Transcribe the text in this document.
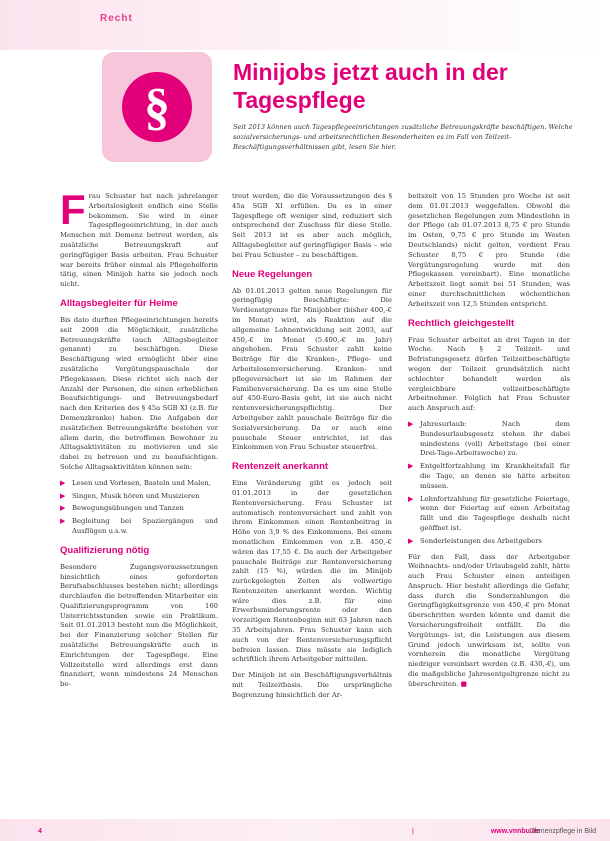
Recht
§
Minijobs jetzt auch in der Tagespflege

Seit 2013 können auch Tagespflegeeinrichtungen zusätzliche Betreuungskräfte beschäftigen. Welche sozialversicherungs- und arbeitsrechtlichen Besonderheiten es im Fall von Teilzeit-Beschäftigungsverhältnissen gibt, lesen Sie hier.

Frau Schuster hat nach jahrelanger Arbeitslosigkeit endlich eine Stelle bekommen. Sie wird in einer Tagespflegeeinrichtung, in der auch Menschen mit Demenz betreut werden, als zusätzliche Betreuungskraft auf geringfügiger Basis arbeiten. Frau Schuster war bereits früher einmal als Pflegehelferin tätig, einen Minijob hatte sie jedoch noch nicht.

Alltagsbegleiter für Heime

Bis dato durften Pflegeeinrichtungen bereits seit 2008 die Möglichkeit, zusätzliche Betreuungskräfte (auch Alltagsbegleiter genannt) zu beschäftigen. Diese Beschäftigung wird ermöglicht über eine zusätzliche Vergütungspauschale der Pflegekassen. Diese richtet sich nach der Anzahl der Personen, die einen erheblichen Beaufsichtigungs- und Betreuungsbedarf nach den Kriterien des § 45a SGB XI (z.B. für Demenzkranke) haben. Die Aufgaben der zusätzlichen Betreuungskräfte bestehen vor allem darin, die betroffenen Bewohner zu Alltagsaktivitäten zu motivieren und sie dabei zu betreuen und zu beaufsichtigen. Solche Alltagsaktivitäten können sein:

▶ Lesen und Vorlesen, Basteln und Malen,
▶ Singen, Musik hören und Musizieren
▶ Bewegungsübungen und Tanzen
▶ Begleitung bei Spaziergängen und Ausflügen u.s.w.
Qualifizierung nötig

Besondere Zugangsvoraussetzungen hinsichtlich eines geforderten Berufsabschlusses bestehen nicht; allerdings durchlaufen die betreffenden Mitarbeiter ein Qualifizierungsprogramm von 160 Unterrichtsstunden sowie ein Praktikum. Seit 01.01.2013 besteht nun die Möglichkeit, bei der Finanzierung solcher Stellen für zusätzliche Betreuungskräfte auch in Einrichtungen der Tagespflege. Eine Vollzeitstelle wird allerdings erst dann finanziert, wenn mindestens 24 Menschen be-

treut werden, die die Voraussetzungen des § 45a SGB XI erfüllen. Da es in einer Tagespflege oft weniger sind, reduziert sich entsprechend der Zuschuss für diese Stelle. Seit 2013 ist es aber auch möglich, Alltagsbegleiter auf geringfügiger Basis – wie bei Frau Schuster – zu beschäftigen.

Neue Regelungen

Ab 01.01.2013 gelten neue Regelungen für geringfügig Beschäftigte: Die Verdienstgrenze für Minijobber (bisher 400,-€ im Monat) wird, als Reaktion auf die allgemeine Lohnentwicklung seit 2003, auf 450,-€ im Monat (5.400,-€ im Jahr) angehoben. Frau Schuster zahlt keine Beiträge für die Kranken-, Pflege- und Arbeitslosenversicherung. Kranken- und pflegeversichert ist sie im Rahmen der Familienversicherung. Da es um eine Stelle auf 450-Euro-Basis geht, ist sie auch nicht rentenversicherungspflichtig. Der Arbeitgeber zahlt pauschale Beiträge für die Sozialversicherung. Da er auch eine pauschale Steuer entrichtet, ist das Einkommen von Frau Schuster steuerfrei.

Rentenzeit anerkannt

Eine Veränderung gibt es jedoch seit 01.01.2013 in der gesetzlichen Rentenversicherung. Frau Schuster ist automatisch rentenversichert und zahlt von ihrem Einkommen einen Rentenbeitrag in Höhe von 3,9 % des Einkommens. Bei einem monatlichen Einkommen von z.B. 450,-€ wären das 17,55 €. Da auch der Arbeitgeber pauschale Beiträge zur Rentenversicherung zahlt (15 %), würden die im Minijob zurückgelegten Zeiten als vollwertige Rentenzeiten anerkannt werden. Wichtig wäre dies z.B. für eine Erwerbsminderungsrente oder den vorzeitigen Rentenbeginn mit 63 Jahren nach 35 Arbeitsjahren. Frau Schuster kann sich auch von der Rentenversicherungspflicht befreien lassen. Dies müsste sie lediglich schriftlich ihrem Arbeitgeber mitteilen.

Der Minijob ist ein Beschäftigungsverhältnis mit Teilzeitbasis. Die ursprüngliche Begrenzung hinsichtlich der Ar-

beitszeit von 15 Stunden pro Woche ist seit dem 01.01.2013 weggefallen. Obwohl die gesetzlichen Regelungen zum Mindestlohn in der Pflege (ab 01.07.2013 8,75 € pro Stunde im Osten, 9,75 € pro Stunde im Westen Deutschlands) nicht gelten, verdient Frau Schuster 8,75 € pro Stunde (die Vergütungsregelung wurde mit den Pflegekassen vereinbart). Eine monatliche Arbeitszeit liegt somit bei 51 Stunden, was einer durchschnittlichen wöchentlichen Arbeitszeit von 12,5 Stunden entspricht.

Rechtlich gleichgestellt

Frau Schuster arbeitet an drei Tagen in der Woche. Nach § 2 Teilzeit- und Befristungsgesetz dürfen Teilzeitbeschäftigte wegen der Teilzeit grundsätzlich nicht schlechter behandelt werden als vergleichbare vollzeitbeschäftigte Arbeitnehmer. Folglich hat Frau Schuster auch Anspruch auf:

▶ Jahresurlaub: Nach dem Bundesurlaubsgesetz stehen ihr dabei mindestens (voll) Arbeitstage (bei einer Drei-Tage-Arbeitswoche) zu.
▶ Entgeltfortzahlung im Krankheitsfall für die Tage, an denen sie hätte arbeiten müssen.
▶ Lohnfortzahlung für gesetzliche Feiertage, wenn der Feiertag auf einen Arbeitstag fällt und die Tagespflege deshalb nicht geöffnet ist.
▶ Sonderleistungen des Arbeitgebers

Für den Fall, dass der Arbeitgeber Weihnachts- und/oder Urlaubsgeld zahlt, hätte auch Frau Schuster einen anteiligen Anspruch. Hier besteht allerdings die Gefahr, dass durch die Sonderzahlungen die Geringfügigkeitsgrenze von 450,-€ pro Monat überschritten werden könnte und damit die Versicherungsfreiheit entfällt. Da die Vergütungs- ist, die Leistungen aus diesem Grund jedoch unwirksam ist, sollte von vornherein die monatliche Vergütung niedriger vereinbart werden (z.B. 430,-€), um die maßgebliche Jahresentgeltgrenze nicht zu überschreiten. ■

4	|	www.vnnbu.de
Demenzpflege in Bild
